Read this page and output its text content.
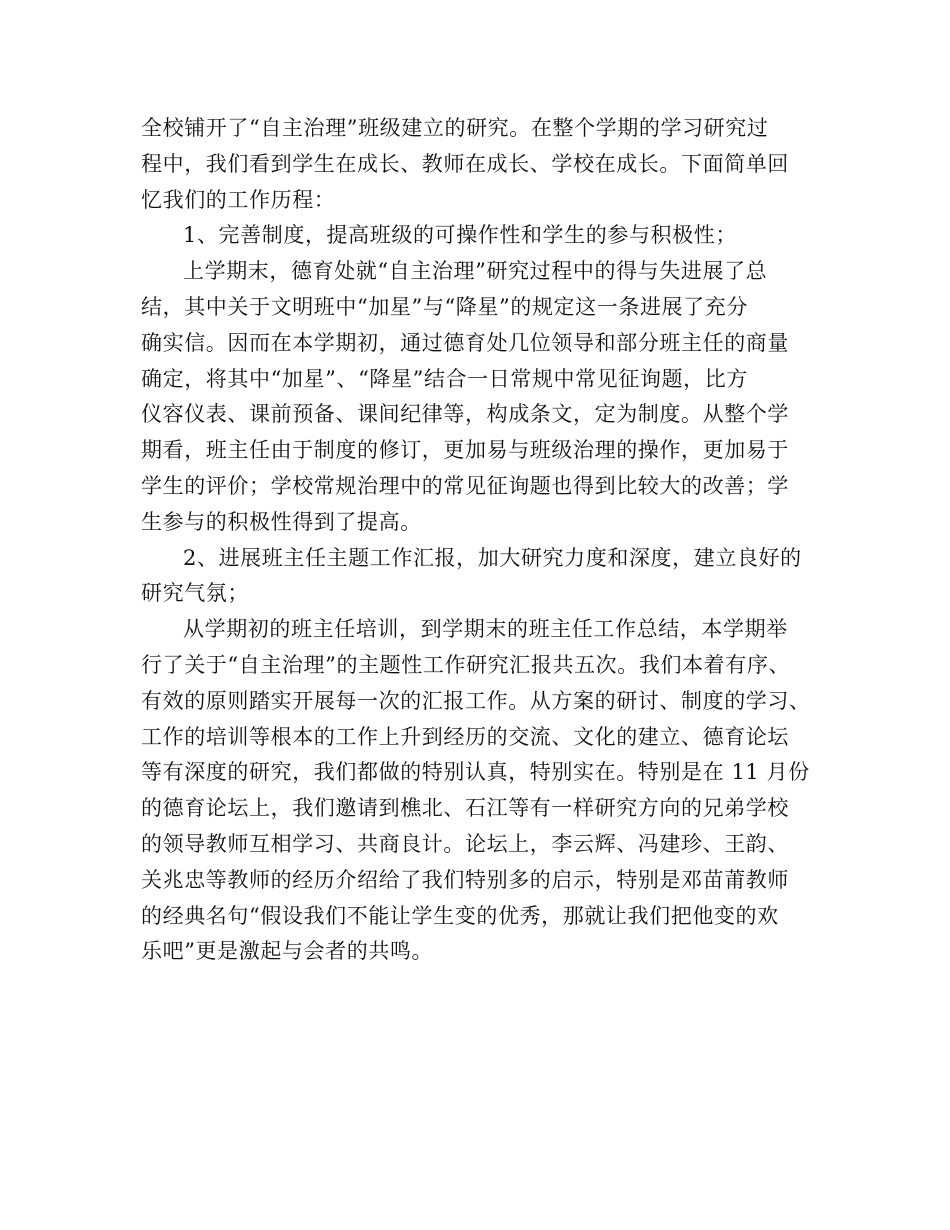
全校铺开了“自主治理”班级建立的研究。在整个学期的学习研究过
程中，我们看到学生在成长、教师在成长、学校在成长。下面简单回
忆我们的工作历程：
1、完善制度，提高班级的可操作性和学生的参与积极性；
上学期末，德育处就“自主治理”研究过程中的得与失进展了总
结，其中关于文明班中“加星”与“降星”的规定这一条进展了充分
确实信。因而在本学期初，通过德育处几位领导和部分班主任的商量
确定，将其中“加星”、“降星”结合一日常规中常见征询题，比方
仪容仪表、课前预备、课间纪律等，构成条文，定为制度。从整个学
期看，班主任由于制度的修订，更加易与班级治理的操作，更加易于
学生的评价；学校常规治理中的常见征询题也得到比较大的改善；学
生参与的积极性得到了提高。
2、进展班主任主题工作汇报，加大研究力度和深度，建立良好的
研究气氛；
从学期初的班主任培训，到学期末的班主任工作总结，本学期举
行了关于“自主治理”的主题性工作研究汇报共五次。我们本着有序、
有效的原则踏实开展每一次的汇报工作。从方案的研讨、制度的学习、
工作的培训等根本的工作上升到经历的交流、文化的建立、德育论坛
等有深度的研究，我们都做的特别认真，特别实在。特别是在 11 月份
的德育论坛上，我们邀请到樵北、石江等有一样研究方向的兄弟学校
的领导教师互相学习、共商良计。论坛上，李云辉、冯建珍、王韵、
关兆忠等教师的经历介绍给了我们特别多的启示，特别是邓苗莆教师
的经典名句“假设我们不能让学生变的优秀，那就让我们把他变的欢
乐吧”更是激起与会者的共鸣。
